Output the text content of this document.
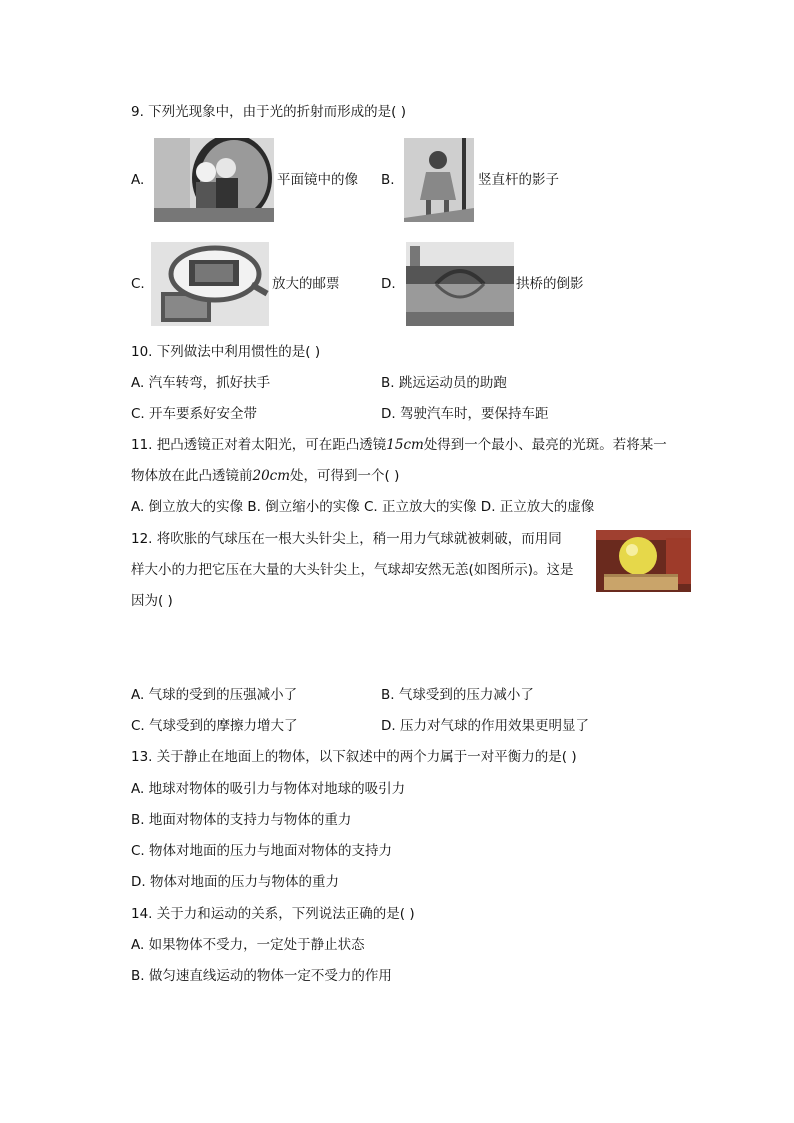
9. 下列光现象中，由于光的折射而形成的是( )
A.	平面镜中的像 B.	竖直杆的影子
C.	放大的邮票	D.	拱桥的倒影
10. 下列做法中利用惯性的是( )
A. 汽车转弯，抓好扶手	B. 跳远运动员的助跑
C. 开车要系好安全带	D. 驾驶汽车时，要保持车距
11. 把凸透镜正对着太阳光，可在距凸透镜15cm处得到一个最小、最亮的光斑。若将某一
物体放在此凸透镜前20cm处，可得到一个( )
A. 倒立放大的实像 B. 倒立缩小的实像 C. 正立放大的实像 D. 正立放大的虚像
12. 将吹胀的气球压在一根大头针尖上，稍一用力气球就被刺破，而用同
样大小的力把它压在大量的大头针尖上，气球却安然无恙(如图所示)。这是
因为( )
A. 气球的受到的压强减小了	B. 气球受到的压力减小了
C. 气球受到的摩擦力增大了	D. 压力对气球的作用效果更明显了
13. 关于静止在地面上的物体，以下叙述中的两个力属于一对平衡力的是( )
A. 地球对物体的吸引力与物体对地球的吸引力
B. 地面对物体的支持力与物体的重力
C. 物体对地面的压力与地面对物体的支持力
D. 物体对地面的压力与物体的重力
14. 关于力和运动的关系，下列说法正确的是( )
A. 如果物体不受力，一定处于静止状态
B. 做匀速直线运动的物体一定不受力的作用
